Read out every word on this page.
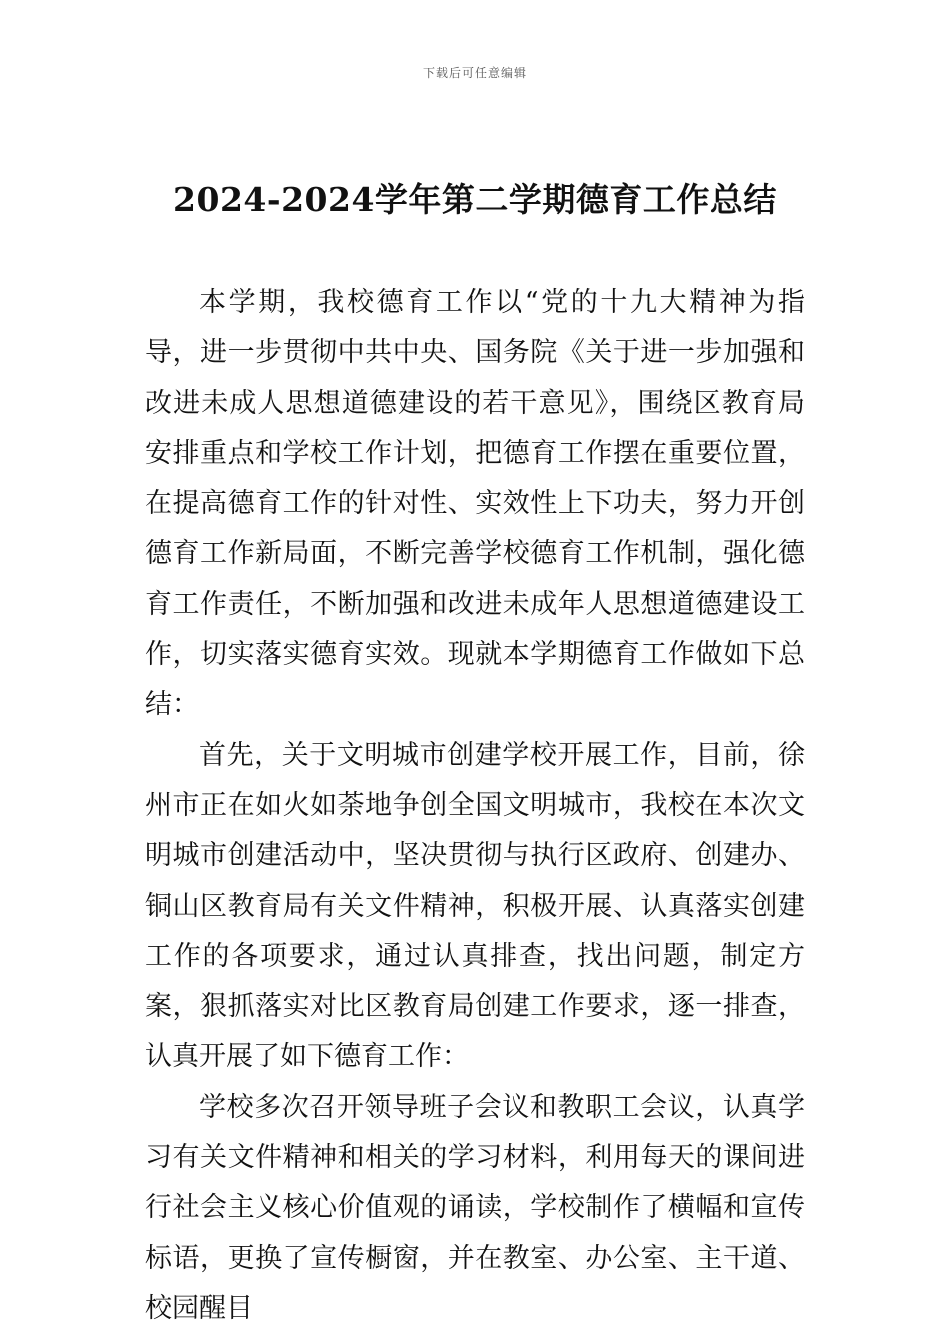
下载后可任意编辑
2024-2024学年第二学期德育工作总结

本学期，我校德育工作以“党的十九大精神为指导，进一步贯彻中共中央、国务院《关于进一步加强和改进未成人思想道德建设的若干意见》，围绕区教育局安排重点和学校工作计划，把德育工作摆在重要位置，在提高德育工作的针对性、实效性上下功夫，努力开创德育工作新局面，不断完善学校德育工作机制，强化德育工作责任，不断加强和改进未成年人思想道德建设工作，切实落实德育实效。现就本学期德育工作做如下总结：

首先，关于文明城市创建学校开展工作，目前，徐州市正在如火如荼地争创全国文明城市，我校在本次文明城市创建活动中，坚决贯彻与执行区政府、创建办、铜山区教育局有关文件精神，积极开展、认真落实创建工作的各项要求，通过认真排查，找出问题，制定方案，狠抓落实对比区教育局创建工作要求，逐一排查，认真开展了如下德育工作：

学校多次召开领导班子会议和教职工会议，认真学习有关文件精神和相关的学习材料，利用每天的课间进行社会主义核心价值观的诵读，学校制作了横幅和宣传标语，更换了宣传橱窗，并在教室、办公室、主干道、校园醒目
